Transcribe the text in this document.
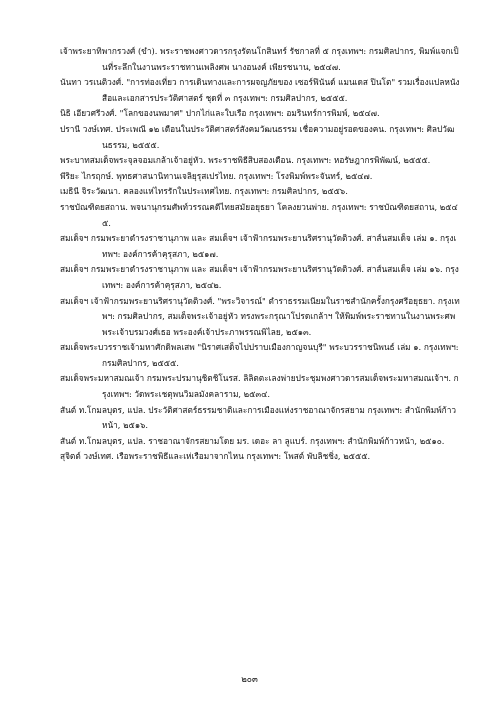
เจ้าพระยาทิพากรวงศ์ (ขำ). พระราชพงศาวดารกรุงรัตนโกสินทร์ รัชกาลที่ ๕ กรุงเทพฯ: กรมศิลปากร, พิมพ์แจกเป็นที่ระลึกในงานพระราชทานเพลิงศพ นางอนงค์ เพียรชนาน, ๒๕๔๗.

นันทา วรเนติวงศ์. "การท่องเที่ยว การเดินทางและการผจญภัยของ เซอร์ฟินันด์ แมนเดส ปินโต" รวมเรื่องแปลหนังสือและเอกสารประวัติศาสตร์ ชุดที่ ๓ กรุงเทพฯ: กรมศิลปากร, ๒๕๕๕.

นิธิ เอียวศรีวงศ์. "โลกของนพมาศ" ปากไก่และใบเรือ กรุงเทพฯ: อมรินทร์การพิมพ์, ๒๕๔๗.

ปรานี วงษ์เทศ. ประเพณี ๑๒ เดือนในประวัติศาสตร์สังคมวัฒนธรรม เชื่อความอยู่รอดของคน. กรุงเทพฯ: ศิลปวัฒนธรรม, ๒๕๕๕.

พระบาทสมเด็จพระจุลจอมเกล้าเจ้าอยู่หัว. พระราชพิธีสิบสองเดือน. กรุงเทพฯ: หอรัษฎากรพิพัฒน์, ๒๕๕๕.

พีริยะ ไกรฤกษ์. พุทธศาสนานิทานเจลิยุรุสเปรไทย. กรุงเทพฯ: โรงพิมพ์พระจันทร์, ๒๕๔๗.

เมธินี จิระวัฒนา. คลองแห่ไทรรักในประเทศไทย. กรุงเทพฯ: กรมศิลปากร, ๒๕๕๖.

ราชบัณฑิตยสถาน. พจนานุกรมศัพท์วรรณคดีไทยสมัยอยุธยา โคลงยวนพ่าย. กรุงเทพฯ: ราชบัณฑิตยสถาน, ๒๕๔๕.

สมเด็จฯ กรมพระยาดำรงราชานุภาพ และ สมเด็จฯ เจ้าฟ้ากรมพระยานริศรานุวัดติวงศ์. สาส์นสมเด็จ เล่ม ๑. กรุงเทพฯ: องค์การค้าคุรุสภา, ๒๕๑๗.

สมเด็จฯ กรมพระยาดำรงราชานุภาพ และ สมเด็จฯ เจ้าฟ้ากรมพระยานริศรานุวัดติวงศ์. สาส์นสมเด็จ เล่ม ๑๖. กรุงเทพฯ: องค์การค้าคุรุสภา, ๒๕๔๒.

สมเด็จฯ เจ้าฟ้ากรมพระยานริศรานุวัดติวงศ์. "พระวิจารณ์" ตำราธรรมเนียมในราชสำนักครั้งกรุงศรีอยุธยา. กรุงเทพฯ: กรมศิลปากร, สมเด็จพระเจ้าอยู่หัว ทรงพระกรุณาโปรดเกล้าฯ ให้พิมพ์พระราชทานในงานพระศพ พระเจ้าบรมวงศ์เธอ พระองค์เจ้าประภาพรรณพิไลย, ๒๕๑๓.

สมเด็จพระบวรราชเจ้ามหาศักดิพลเสพ "นิราศเสด็จไปปราบเมืองกาญจนบุรี" พระบวรราชนิพนธ์ เล่ม ๑. กรุงเทพฯ: กรมศิลปากร, ๒๕๕๕.

สมเด็จพระมหาสมณเจ้า กรมพระปรมานุชิตชิโนรส. ลิลิตตะเลงพ่ายประชุมพงศาวดารสมเด็จพระมหาสมณเจ้าฯ. กรุงเทพฯ: วัดพระเชตุพนวิมลมังคลาราม, ๒๕๓๔.

สันต์ ท.โกมลบุตร, แปล. ประวัติศาสตร์ธรรมชาติและการเมืองแห่งราชอาณาจักรสยาม กรุงเทพฯ: สำนักพิมพ์ก้าวหน้า, ๒๕๑๖.

สันต์ ท.โกมลบุตร, แปล. ราชอาณาจักรสยามโดย มร. เดอะ ลา ลูแบร์. กรุงเทพฯ: สำนักพิมพ์ก้าวหน้า, ๒๕๑๐.

สุจิตต์ วงษ์เทศ. เรือพระราชพิธีและเห่เรือมาจากไหน กรุงเทพฯ: โพสต์ พับลิชชิ่ง, ๒๕๕๕.

๒๐๓
